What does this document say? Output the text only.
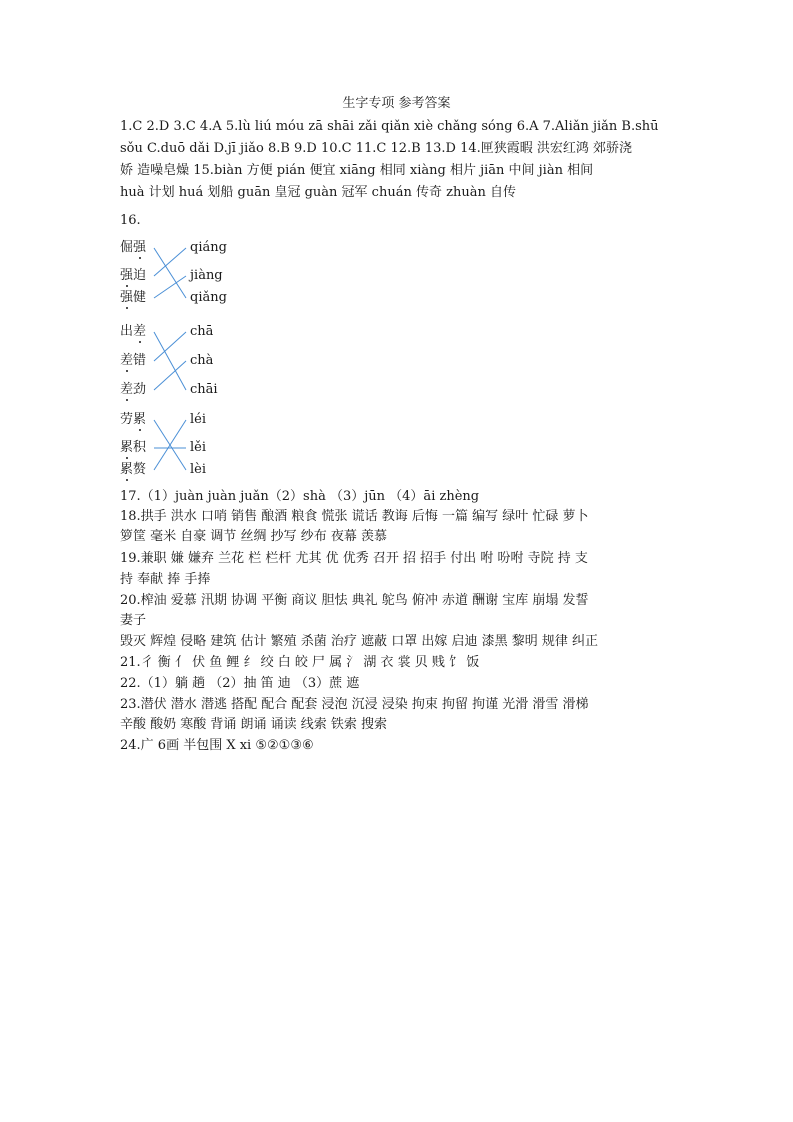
生字专项 参考答案
1.C 2.D 3.C 4.A 5.lù liú móu zā shāi zǎi qiǎn xiè chǎng sóng 6.A 7.Aliǎn jiǎn B.shū
sǒu C.duō dǎi D.jī jiǎo 8.B 9.D 10.C 11.C 12.B 13.D 14.匣狭霞暇 洪宏红鸿 郊骄浇
娇 造噪皂燥 15.biàn 方便 pián 便宜 xiāng 相同 xiàng 相片 jiān 中间 jiàn 相间
huà 计划 huá 划船 guān 皇冠 guàn 冠军 chuán 传奇 zhuàn 自传
16.
倔强
强迫
强健
qiáng
jiàng
qiǎng
出差
差错
差劲
chā
chà
chāi
劳累
累积
累赘
léi
lěi
lèi
17.（1）juàn juàn juǎn（2）shà （3）jūn （4）āi zhèng
18.拱手 洪水 口哨 销售 酿酒 粮食 慌张 谎话 教诲 后悔 一篇 编写 绿叶 忙碌 萝卜
箩筐 毫米 自豪 调节 丝绸 抄写 纱布 夜幕 羡慕
19.兼职 嫌 嫌弃 兰花 栏 栏杆 尤其 优 优秀 召开 招 招手 付出 咐 吩咐 寺院 持 支
持 奉献 捧 手捧
20.榨油 爱慕 汛期 协调 平衡 商议 胆怯 典礼 鸵鸟 俯冲 赤道 酬谢 宝库 崩塌 发誓
妻子
毁灭 辉煌 侵略 建筑 估计 繁殖 杀菌 治疗 遮蔽 口罩 出嫁 启迪 漆黑 黎明 规律 纠正
21.彳 衡 亻 伏 鱼 鲤 纟 绞 白 皎 尸 属 氵 湖 衣 裳 贝 贱 饣 饭
22.（1）躺 趟 （2）抽 笛 迪 （3）蔗 遮
23.潜伏 潜水 潜逃 搭配 配合 配套 浸泡 沉浸 浸染 拘束 拘留 拘谨 光滑 滑雪 滑梯
辛酸 酸奶 寒酸 背诵 朗诵 诵读 线索 铁索 搜索
24.广 6画 半包围 X xi ⑤②①③⑥
